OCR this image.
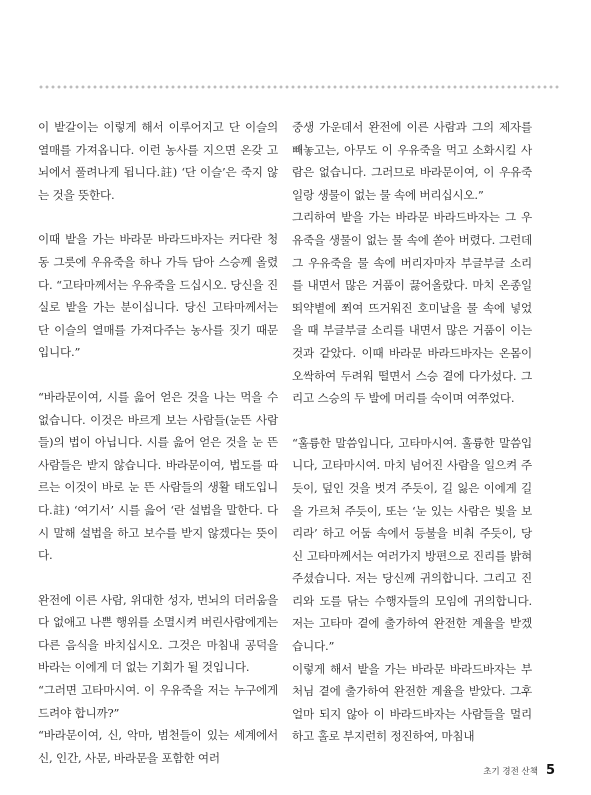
이 밭갈이는 이렇게 해서 이루어지고 단 이슬의 열매를 가져옵니다. 이런 농사를 지으면 온갖 고뇌에서 풀려나게 됩니다.註) ‘단 이슬’은 죽지 않는 것을 뜻한다.

이때 밭을 가는 바라문 바라드바자는 커다란 청동 그릇에 우유죽을 하나 가득 담아 스승께 올렸다. “고타마께서는 우유죽을 드십시오. 당신을 진실로 밭을 가는 분이십니다. 당신 고타마께서는 단 이슬의 열매를 가져다주는 농사를 짓기 때문입니다.”

“바라문이여, 시를 읊어 얻은 것을 나는 먹을 수 없습니다. 이것은 바르게 보는 사람들(눈뜬 사람들)의 법이 아닙니다. 시를 읊어 얻은 것을 눈 뜬 사람들은 받지 않습니다. 바라문이여, 법도를 따르는 이것이 바로 눈 뜬 사람들의 생활 태도입니다.註) ‘여기서’ 시를 읊어 ‘란 설법을 말한다. 다시 말해 설법을 하고 보수를 받지 않겠다는 뜻이다.

완전에 이른 사람, 위대한 성자, 번뇌의 더러움을 다 없애고 나쁜 행위를 소멸시켜 버린사람에게는 다른 음식을 바치십시오. 그것은 마침내 공덕을 바라는 이에게 더 없는 기회가 될 것입니다.

“그러면 고타마시여. 이 우유죽을 저는 누구에게 드려야 합니까?”

“바라문이여, 신, 악마, 범천들이 있는 세계에서 신, 인간, 사문, 바라문을 포함한 여러

중생 가운데서 완전에 이른 사람과 그의 제자를 빼놓고는, 아무도 이 우유죽을 먹고 소화시킬 사람은 없습니다. 그러므로 바라문이여, 이 우유죽일랑 생물이 없는 물 속에 버리십시오.”

그리하여 밭을 가는 바라문 바라드바자는 그 우유죽을 생물이 없는 물 속에 쏟아 버렸다. 그런데 그 우유죽을 물 속에 버리자마자 부글부글 소리를 내면서 많은 거품이 끓어올랐다. 마치 온종일 뙤약볕에 쬐여 뜨거워진 호미날을 물 속에 넣었을 때 부글부글 소리를 내면서 많은 거품이 이는 것과 같았다. 이때 바라문 바라드바자는 온몸이 오싹하여 두려워 떨면서 스승 곁에 다가섰다. 그리고 스승의 두 발에 머리를 숙이며 여쭈었다.

“훌륭한 말씀입니다, 고타마시여. 훌륭한 말씀입니다, 고타마시여. 마치 넘어진 사람을 일으켜 주듯이, 덮인 것을 벗겨 주듯이, 길 잃은 이에게 길을 가르쳐 주듯이, 또는 ‘눈 있는 사람은 빛을 보리라’ 하고 어둠 속에서 등불을 비춰 주듯이, 당신 고타마께서는 여러가지 방편으로 진리를 밝혀 주셨습니다. 저는 당신께 귀의합니다. 그리고 진리와 도를 닦는 수행자들의 모임에 귀의합니다. 저는 고타마 곁에 출가하여 완전한 계율을 받겠습니다.”

이렇게 해서 밭을 가는 바라문 바라드바자는 부처님 곁에 출가하여 완전한 계율을 받았다. 그후 얼마 되지 않아 이 바라드바자는 사람들을 멀리하고 홀로 부지런히 정진하여, 마침내

초기 경전 산책 5
